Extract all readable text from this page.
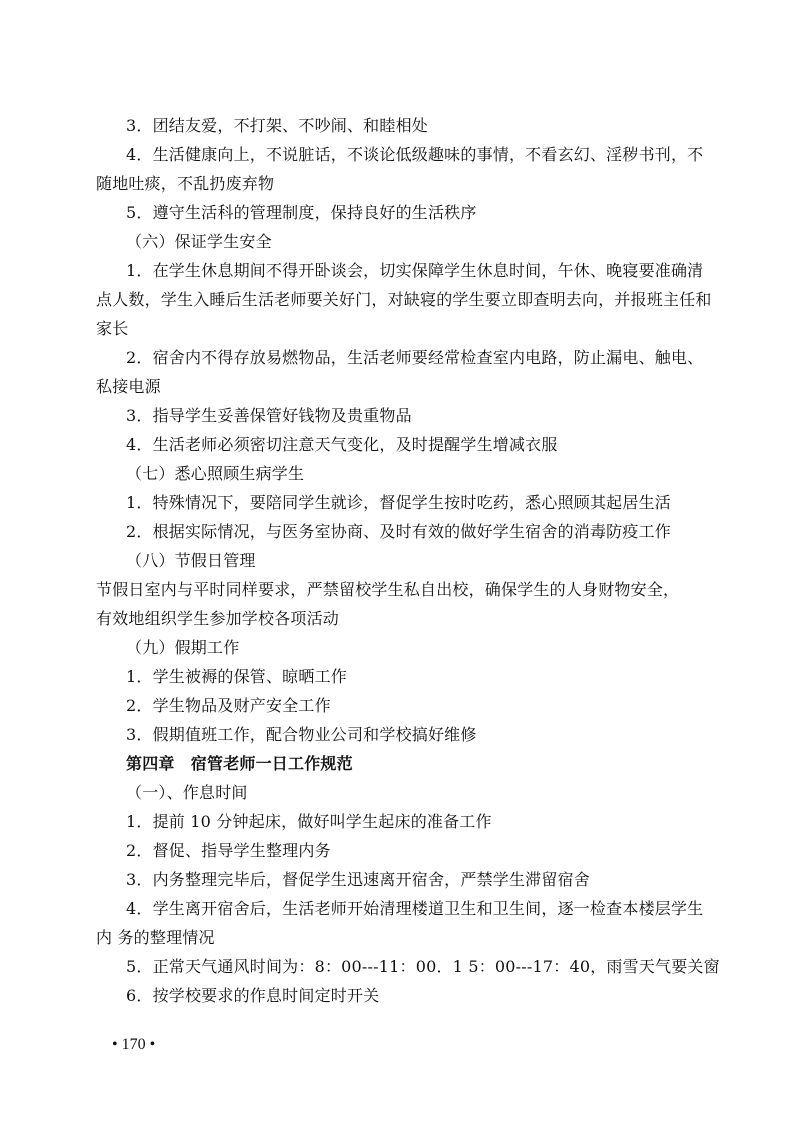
3．团结友爱，不打架、不吵闹、和睦相处
4．生活健康向上，不说脏话，不谈论低级趣味的事情，不看玄幻、淫秽书刊，不
随地吐痰，不乱扔废弃物
5．遵守生活科的管理制度，保持良好的生活秩序
（六）保证学生安全
1．在学生休息期间不得开卧谈会，切实保障学生休息时间，午休、晚寝要准确清
点人数，学生入睡后生活老师要关好门，对缺寝的学生要立即查明去向，并报班主任和
家长
2．宿舍内不得存放易燃物品，生活老师要经常检查室内电路，防止漏电、触电、
私接电源
3．指导学生妥善保管好钱物及贵重物品
4．生活老师必须密切注意天气变化，及时提醒学生增减衣服
（七）悉心照顾生病学生
1．特殊情况下，要陪同学生就诊，督促学生按时吃药，悉心照顾其起居生活
2．根据实际情况，与医务室协商、及时有效的做好学生宿舍的消毒防疫工作
（八）节假日管理
节假日室内与平时同样要求，严禁留校学生私自出校，确保学生的人身财物安全，
有效地组织学生参加学校各项活动
（九）假期工作
1．学生被褥的保管、晾晒工作
2．学生物品及财产安全工作
3．假期值班工作，配合物业公司和学校搞好维修
第四章　宿管老师一日工作规范
（一）、作息时间
1．提前 10 分钟起床，做好叫学生起床的准备工作
2．督促、指导学生整理内务
3．内务整理完毕后，督促学生迅速离开宿舍，严禁学生滞留宿舍
4．学生离开宿舍后，生活老师开始清理楼道卫生和卫生间，逐一检查本楼层学生
内 务的整理情况
5．正常天气通风时间为：8：00---11：00．1 5：00---17：40，雨雪天气要关窗
6．按学校要求的作息时间定时开关
• 170 •
